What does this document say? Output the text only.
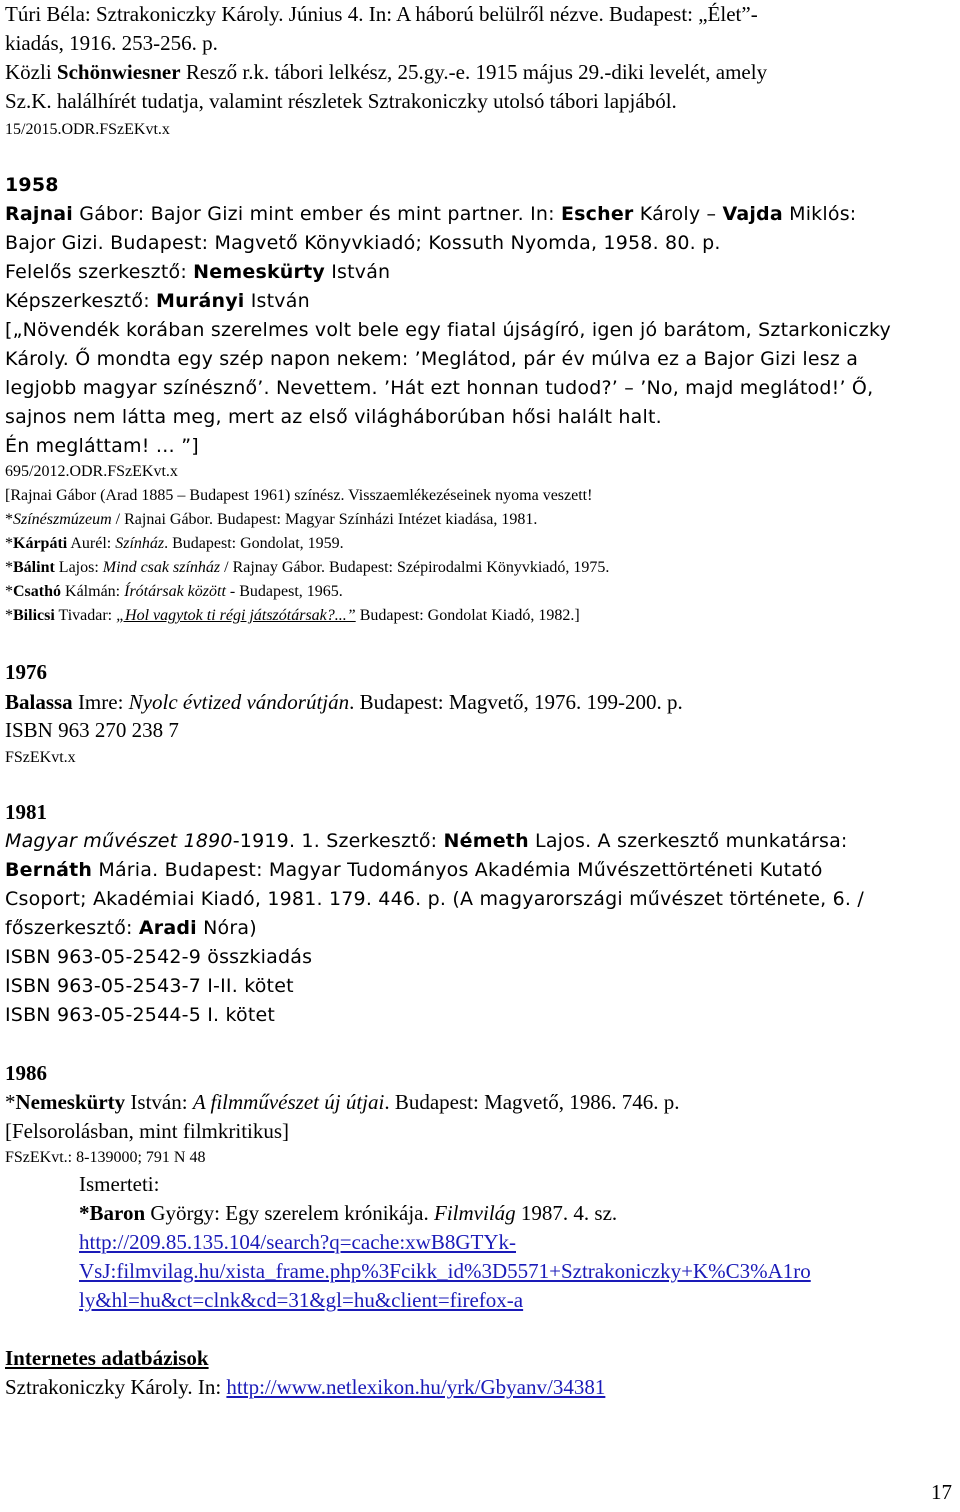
Túri Béla: Sztrakoniczky Károly. Június 4. In: A háború belülről nézve. Budapest: „Élet”-
kiadás, 1916. 253-256. p.
Közli Schönwiesner Resző r.k. tábori lelkész, 25.gy.-e. 1915 május 29.-diki levelét, amely
Sz.K. halálhírét tudatja, valamint részletek Sztrakoniczky utolsó tábori lapjából.
15/2015.ODR.FSzEKvt.x
1958
Rajnai Gábor: Bajor Gizi mint ember és mint partner. In: Escher Károly – Vajda Miklós:
Bajor Gizi. Budapest: Magvető Könyvkiadó; Kossuth Nyomda, 1958. 80. p.
Felelős szerkesztő: Nemeskürty István
Képszerkesztő: Murányi István
[„Növendék korában szerelmes volt bele egy fiatal újságíró, igen jó barátom, Sztarkoniczky
Károly. Ő mondta egy szép napon nekem: ’Meglátod, pár év múlva ez a Bajor Gizi lesz a
legjobb magyar színésznő’. Nevettem. ’Hát ezt honnan tudod?’ – ’No, majd meglátod!’ Ő,
sajnos nem látta meg, mert az első világháborúban hősi halált halt.
Én megláttam! … ”]
695/2012.ODR.FSzEKvt.x
[Rajnai Gábor (Arad 1885 – Budapest 1961) színész. Visszaemlékezéseinek nyoma veszett!
*Színészmúzeum / Rajnai Gábor. Budapest: Magyar Színházi Intézet kiadása, 1981.
*Kárpáti Aurél: Színház. Budapest: Gondolat, 1959.
*Bálint Lajos: Mind csak színház / Rajnay Gábor. Budapest: Szépirodalmi Könyvkiadó, 1975.
*Csathó Kálmán: Írótársak között - Budapest, 1965.
*Bilicsi Tivadar: „Hol vagytok ti régi játszótársak?...” Budapest: Gondolat Kiadó, 1982.]
1976
Balassa Imre: Nyolc évtized vándorútján. Budapest: Magvető, 1976. 199-200. p.
ISBN 963 270 238 7
FSzEKvt.x
1981
Magyar művészet 1890-1919. 1. Szerkesztő: Németh Lajos. A szerkesztő munkatársa:
Bernáth Mária. Budapest: Magyar Tudományos Akadémia Művészettörténeti Kutató
Csoport; Akadémiai Kiadó, 1981. 179. 446. p. (A magyarországi művészet története, 6. /
főszerkesztő: Aradi Nóra)
ISBN 963-05-2542-9 összkiadás
ISBN 963-05-2543-7 I-II. kötet
ISBN 963-05-2544-5 I. kötet
1986
*Nemeskürty István: A filmművészet új útjai. Budapest: Magvető, 1986. 746. p.
[Felsorolásban, mint filmkritikus]
FSzEKvt.: 8-139000; 791 N 48
Ismerteti:
*Baron György: Egy szerelem krónikája. Filmvilág 1987. 4. sz.
http://209.85.135.104/search?q=cache:xwB8GTYk-
VsJ:filmvilag.hu/xista_frame.php%3Fcikk_id%3D5571+Sztrakoniczky+K%C3%A1ro
ly&hl=hu&ct=clnk&cd=31&gl=hu&client=firefox-a
Internetes adatbázisok
Sztrakoniczky Károly. In: http://www.netlexikon.hu/yrk/Gbyanv/34381
17
